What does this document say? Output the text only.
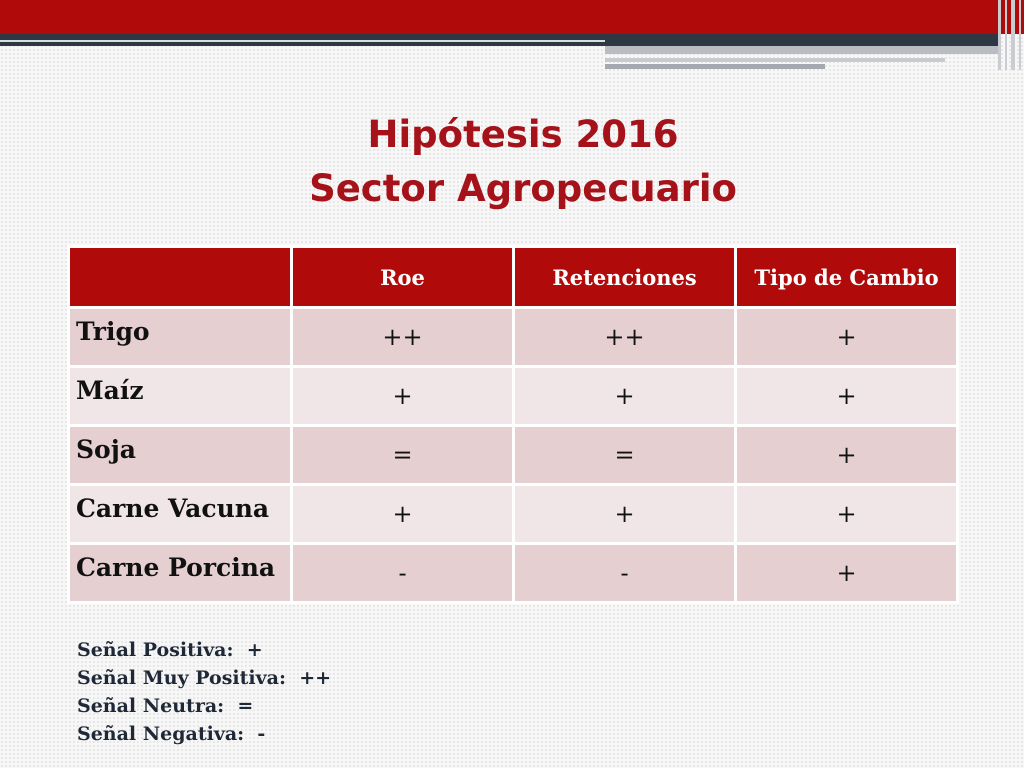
Hipótesis 2016
Sector Agropecuario
	Roe	Retenciones	Tipo de Cambio
Trigo	++	++	+
Maíz	+	+	+
Soja	=	=	+
Carne Vacuna	+	+	+
Carne Porcina	-	-	+
Señal Positiva:  +
Señal Muy Positiva:  ++
Señal Neutra:  =
Señal Negativa:  -
